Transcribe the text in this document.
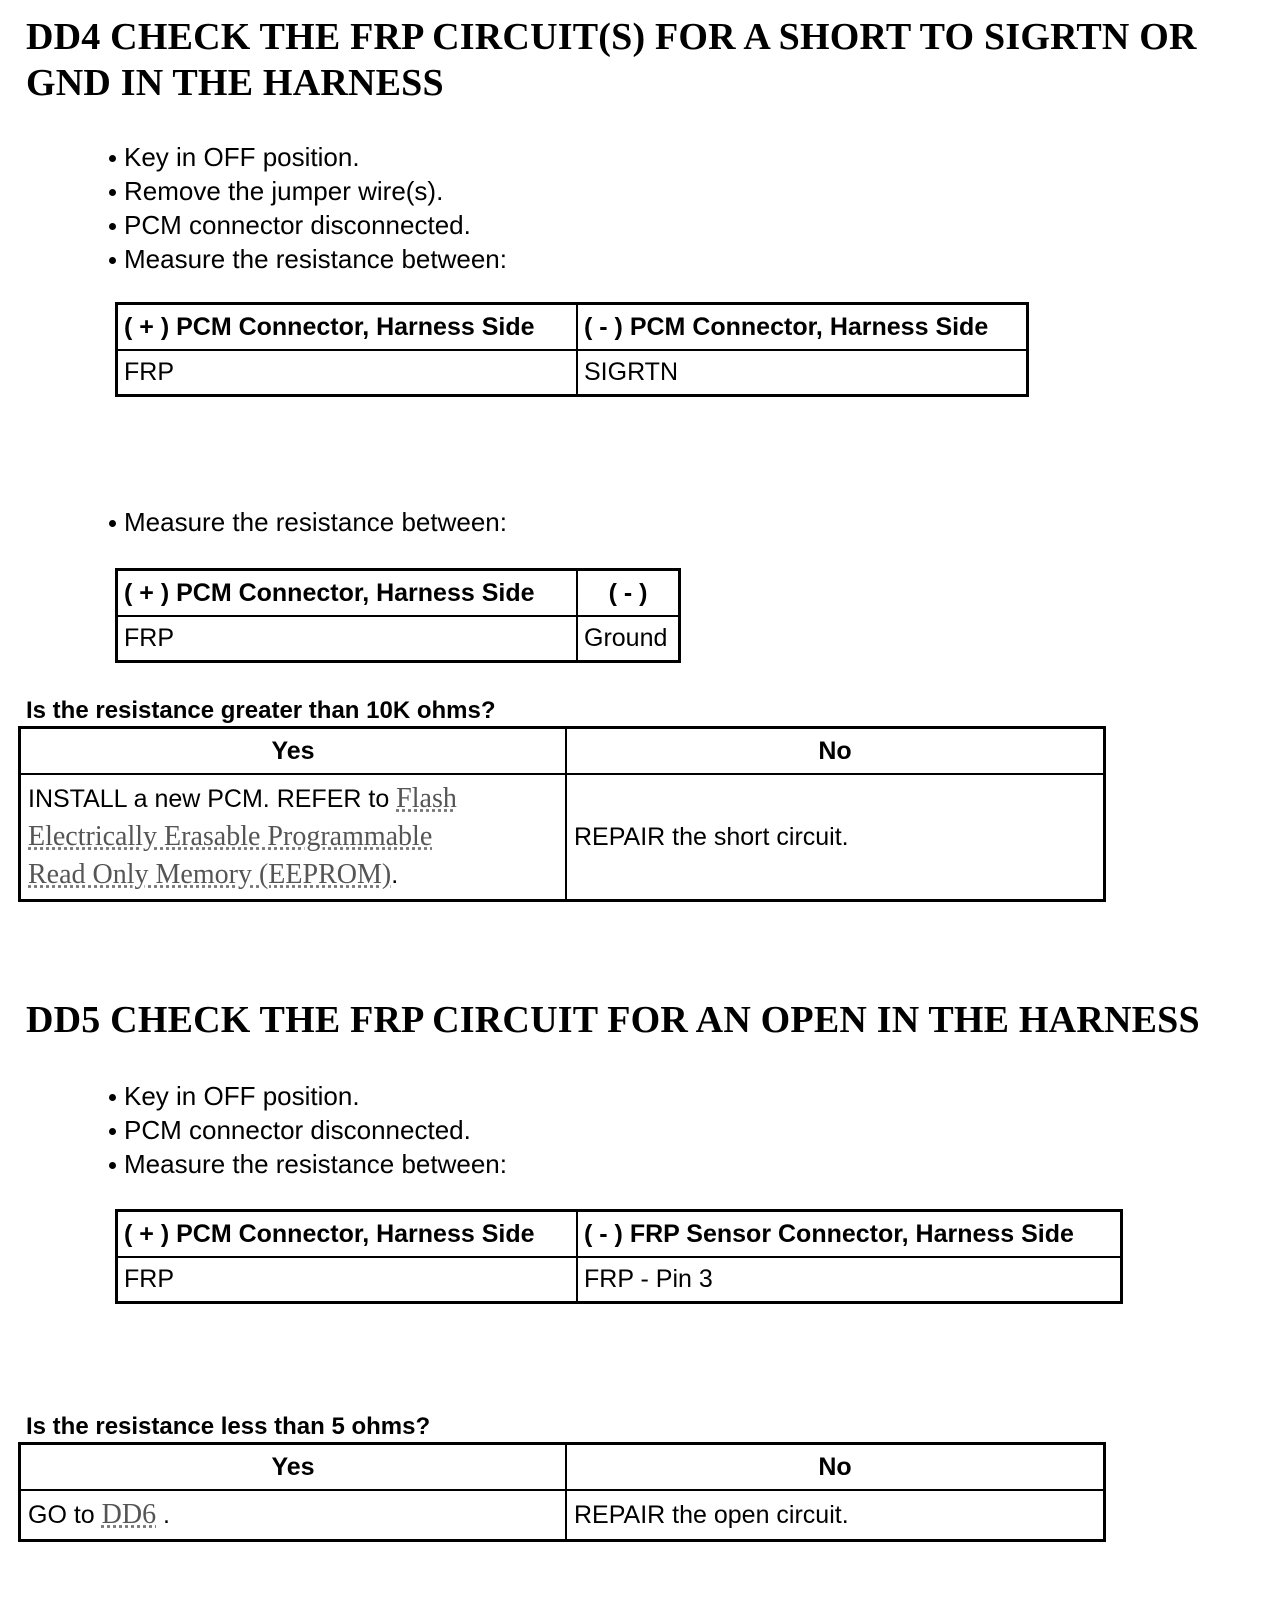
DD4 CHECK THE FRP CIRCUIT(S) FOR A SHORT TO SIGRTN OR
GND IN THE HARNESS
Key in OFF position.
Remove the jumper wire(s).
PCM connector disconnected.
Measure the resistance between:
( + ) PCM Connector, Harness Side	( - ) PCM Connector, Harness Side
FRP	SIGRTN
Measure the resistance between:
( + ) PCM Connector, Harness Side	( - )
FRP	Ground

Is the resistance greater than 10K ohms?

Yes	No
INSTALL a new PCM. REFER to Flash
Electrically Erasable Programmable
Read Only Memory (EEPROM).	REPAIR the short circuit.
DD5 CHECK THE FRP CIRCUIT FOR AN OPEN IN THE HARNESS
Key in OFF position.
PCM connector disconnected.
Measure the resistance between:
( + ) PCM Connector, Harness Side	( - ) FRP Sensor Connector, Harness Side
FRP	FRP - Pin 3

Is the resistance less than 5 ohms?

Yes	No
GO to DD6 .	REPAIR the open circuit.
